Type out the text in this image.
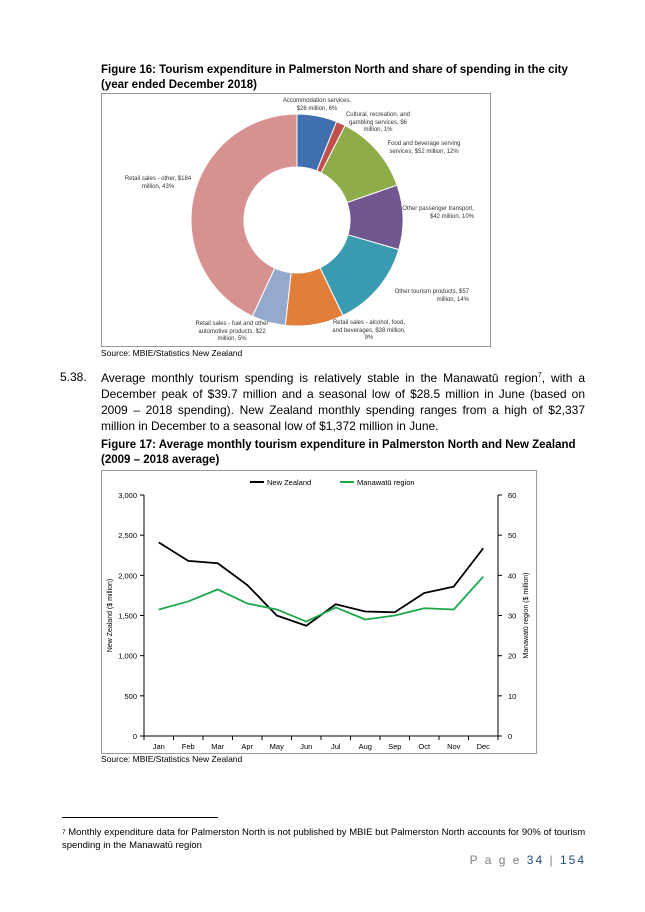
Figure 16: Tourism expenditure in Palmerston North and share of spending in the city (year ended December 2018)
Accommodation services,
$26 million, 6%
Cultural, recreation, and
gambling services, $6
million, 1%
Food and beverage serving
services, $52 million, 12%
Other passenger transport,
$42 million, 10%
Other tourism products, $57
million, 14%
Retail sales - alcohol, food,
and beverages, $38 million,
9%
Retail sales - fuel and other
automotive products, $22
million, 5%
Retail sales - other, $184
million, 43%
Source: MBIE/Statistics New Zealand
5.38. Average monthly tourism spending is relatively stable in the Manawatū region$^7$, with a December peak of $39.7 million and a seasonal low of $28.5 million in June (based on 2009 – 2018 spending). New Zealand monthly spending ranges from a high of $2,337 million in December to a seasonal low of $1,372 million in June.
Figure 17: Average monthly tourism expenditure in Palmerston North and New Zealand (2009 – 2018 average)
0
500
1,000
1,500
2,000
2,500
3,000
0
10
20
30
40
50
60
Jan Feb Mar Apr May Jun Jul Aug Sep Oct Nov Dec
New Zealand ($ million)	Manawatū region ($ million)
New Zealand	Manawatū region
Source: MBIE/Statistics New Zealand
$^7$ Monthly expenditure data for Palmerston North is not published by MBIE but Palmerston North accounts for 90% of tourism spending in the Manawatū region
P a g e 34 | 154
